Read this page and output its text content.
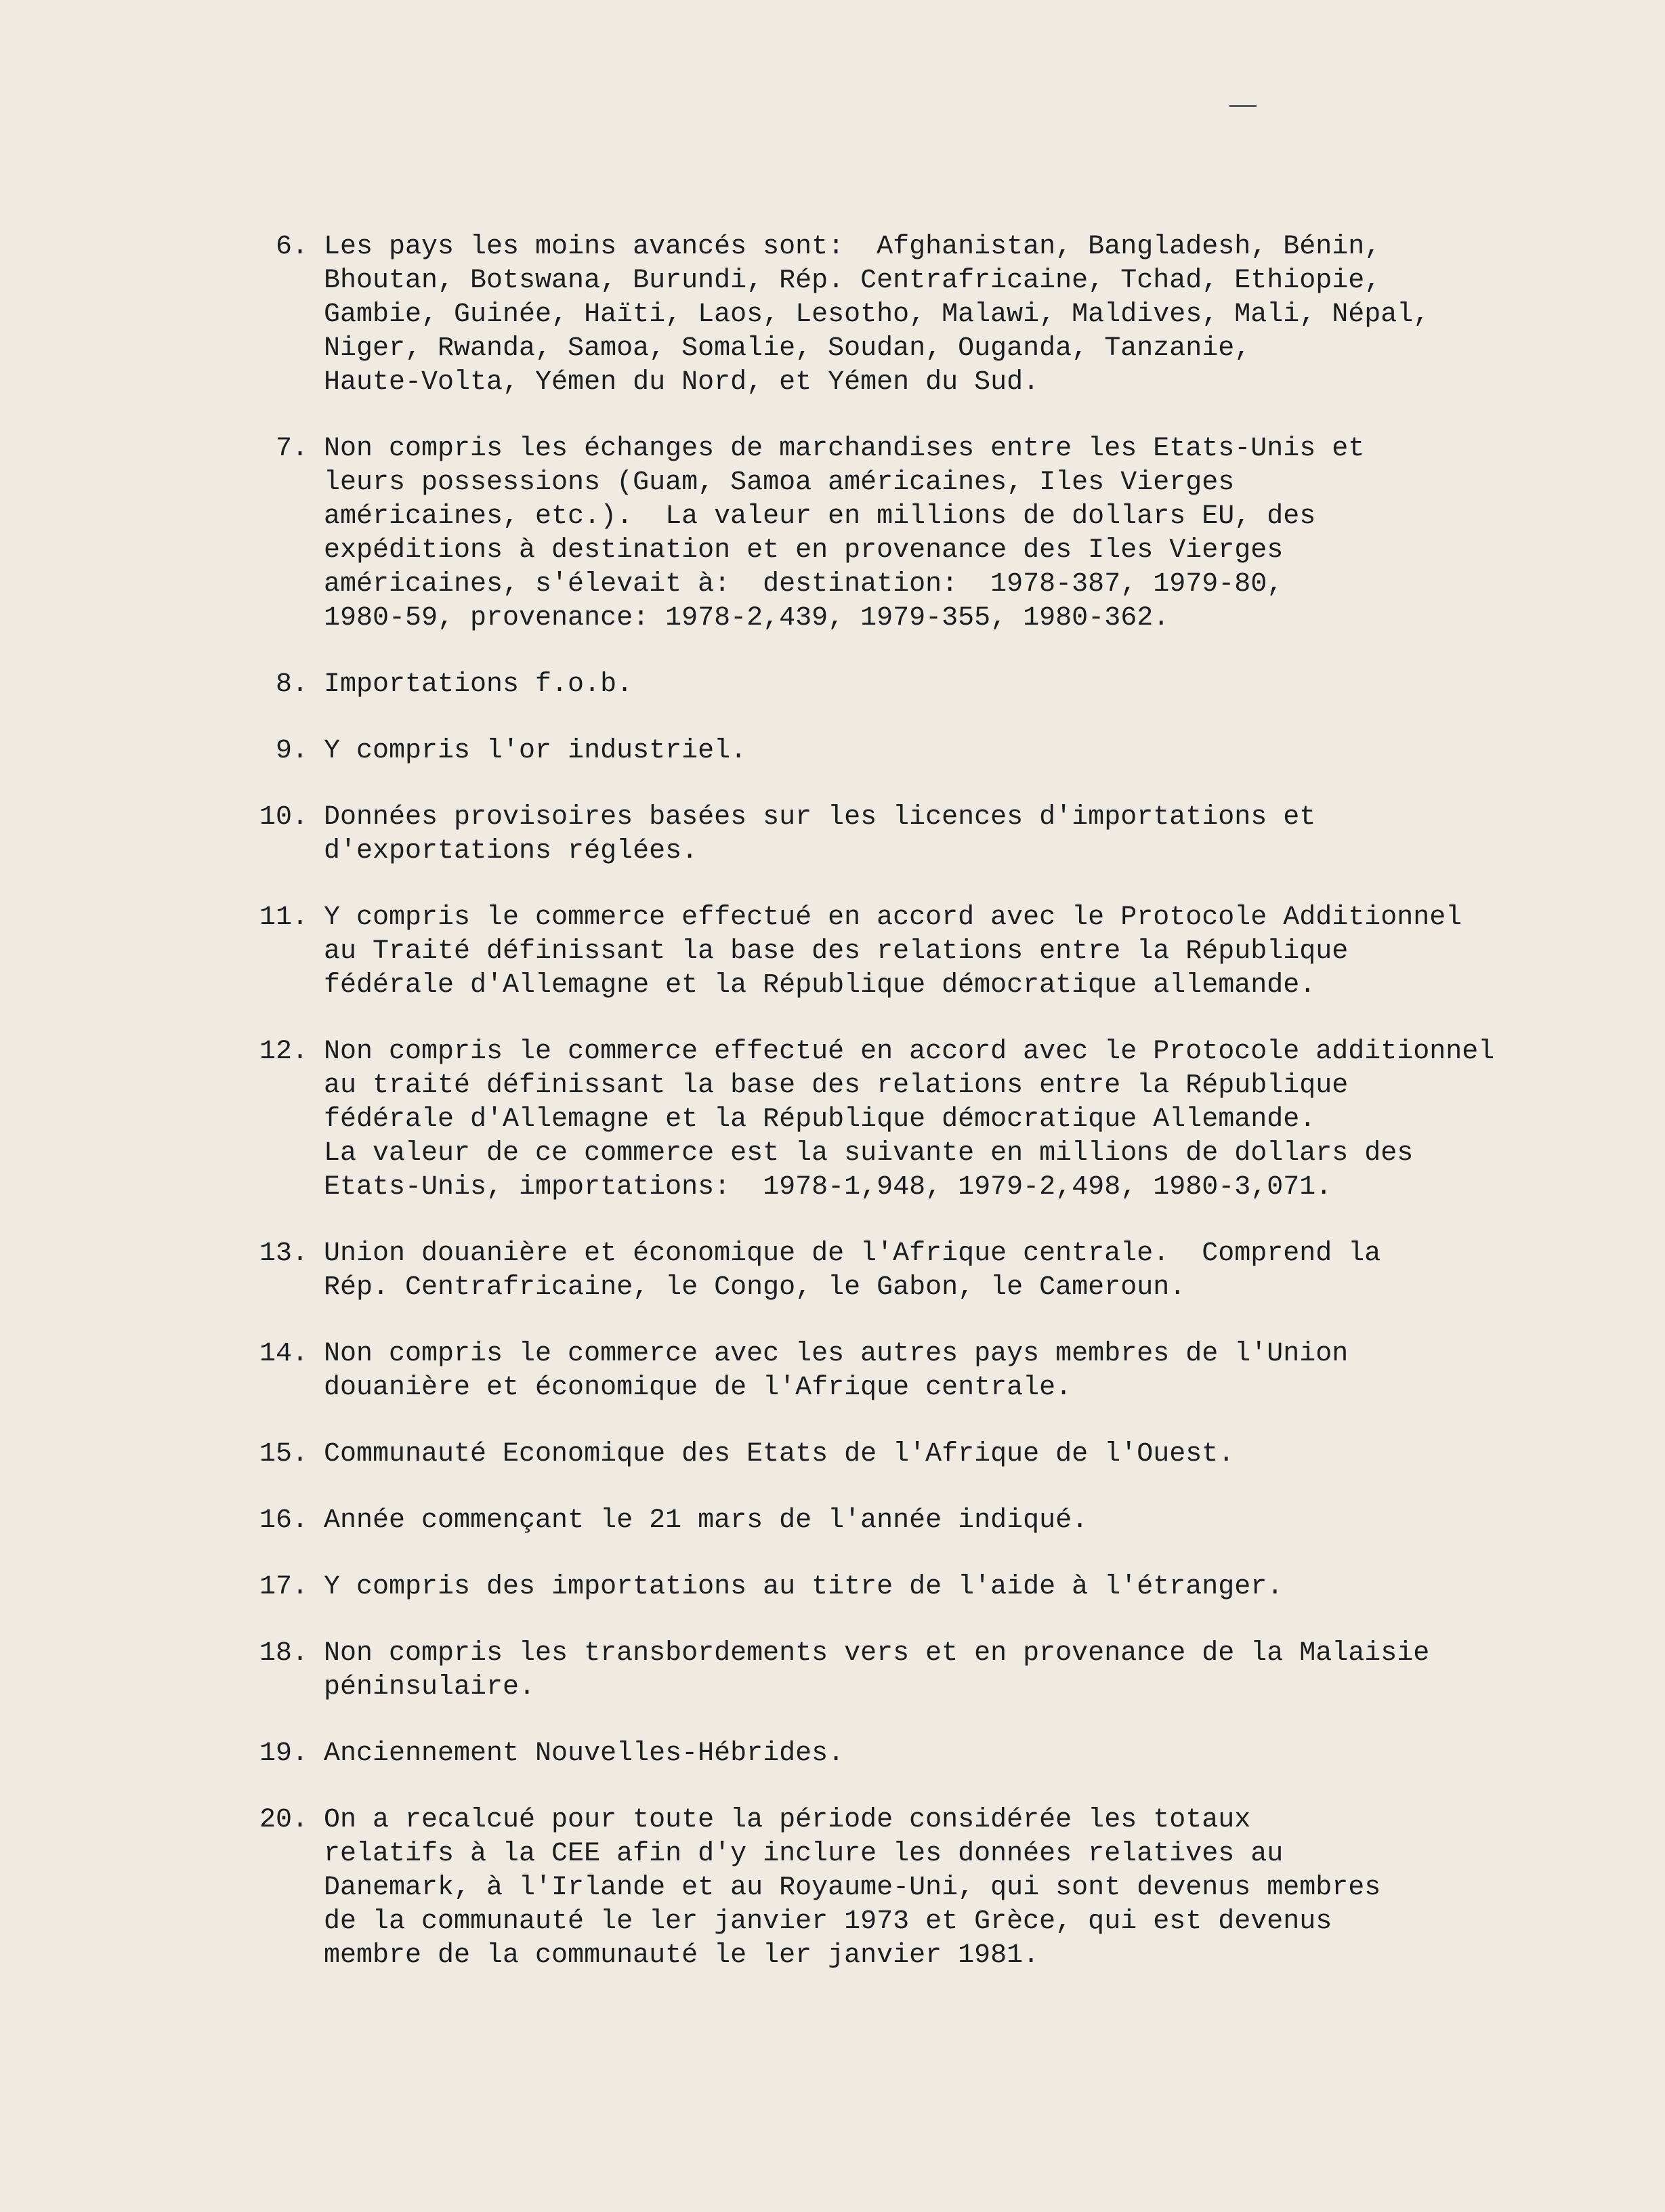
6. Les pays les moins avancés sont:  Afghanistan, Bangladesh, Bénin,
Bhoutan, Botswana, Burundi, Rép. Centrafricaine, Tchad, Ethiopie,
Gambie, Guinée, Haïti, Laos, Lesotho, Malawi, Maldives, Mali, Népal,
Niger, Rwanda, Samoa, Somalie, Soudan, Ouganda, Tanzanie,
Haute-Volta, Yémen du Nord, et Yémen du Sud.
7. Non compris les échanges de marchandises entre les Etats-Unis et
leurs possessions (Guam, Samoa américaines, Iles Vierges
américaines, etc.).  La valeur en millions de dollars EU, des
expéditions à destination et en provenance des Iles Vierges
américaines, s'élevait à:  destination:  1978-387, 1979-80,
1980-59, provenance: 1978-2,439, 1979-355, 1980-362.
8. Importations f.o.b.
9. Y compris l'or industriel.
10. Données provisoires basées sur les licences d'importations et
d'exportations réglées.
11. Y compris le commerce effectué en accord avec le Protocole Additionnel
au Traité définissant la base des relations entre la République
fédérale d'Allemagne et la République démocratique allemande.
12. Non compris le commerce effectué en accord avec le Protocole additionnel
au traité définissant la base des relations entre la République
fédérale d'Allemagne et la République démocratique Allemande.
La valeur de ce commerce est la suivante en millions de dollars des
Etats-Unis, importations:  1978-1,948, 1979-2,498, 1980-3,071.
13. Union douanière et économique de l'Afrique centrale.  Comprend la
Rép. Centrafricaine, le Congo, le Gabon, le Cameroun.
14. Non compris le commerce avec les autres pays membres de l'Union
douanière et économique de l'Afrique centrale.
15. Communauté Economique des Etats de l'Afrique de l'Ouest.
16. Année commençant le 21 mars de l'année indiqué.
17. Y compris des importations au titre de l'aide à l'étranger.
18. Non compris les transbordements vers et en provenance de la Malaisie
péninsulaire.
19. Anciennement Nouvelles-Hébrides.
20. On a recalcué pour toute la période considérée les totaux
relatifs à la CEE afin d'y inclure les données relatives au
Danemark, à l'Irlande et au Royaume-Uni, qui sont devenus membres
de la communauté le ler janvier 1973 et Grèce, qui est devenus
membre de la communauté le ler janvier 1981.
